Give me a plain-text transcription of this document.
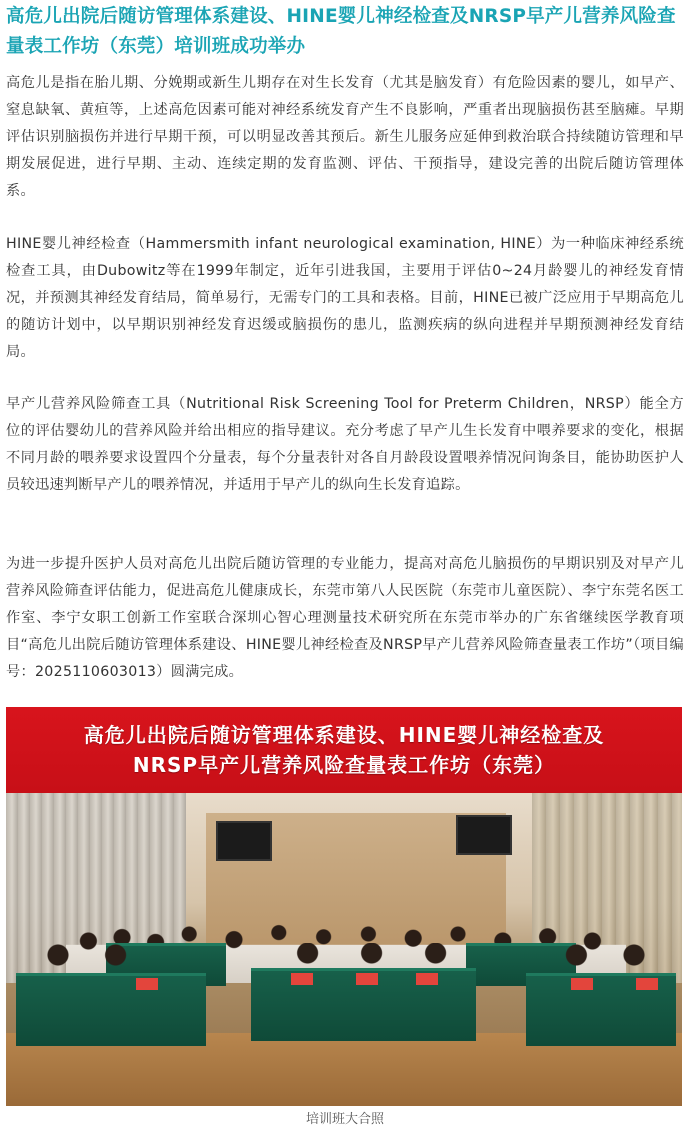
高危儿出院后随访管理体系建设、HINE婴儿神经检查及NRSP早产儿营养风险查量表工作坊（东莞）培训班成功举办

高危儿是指在胎儿期、分娩期或新生儿期存在对生长发育（尤其是脑发育）有危险因素的婴儿，如早产、窒息缺氧、黄疸等，上述高危因素可能对神经系统发育产生不良影响，严重者出现脑损伤甚至脑瘫。早期评估识别脑损伤并进行早期干预，可以明显改善其预后。新生儿服务应延伸到救治联合持续随访管理和早期发展促进，进行早期、主动、连续定期的发育监测、评估、干预指导，建设完善的出院后随访管理体系。

HINE婴儿神经检查（Hammersmith infant neurological examination, HINE）为一种临床神经系统检查工具，由Dubowitz等在1999年制定，近年引进我国，主要用于评估0~24月龄婴儿的神经发育情况，并预测其神经发育结局，简单易行，无需专门的工具和表格。目前，HINE已被广泛应用于早期高危儿的随访计划中，以早期识别神经发育迟缓或脑损伤的患儿，监测疾病的纵向进程并早期预测神经发育结局。

早产儿营养风险筛查工具（Nutritional Risk Screening Tool for Preterm Children，NRSP）能全方位的评估婴幼儿的营养风险并给出相应的指导建议。充分考虑了早产儿生长发育中喂养要求的变化，根据不同月龄的喂养要求设置四个分量表，每个分量表针对各自月龄段设置喂养情况问询条目，能协助医护人员较迅速判断早产儿的喂养情况，并适用于早产儿的纵向生长发育追踪。

为进一步提升医护人员对高危儿出院后随访管理的专业能力，提高对高危儿脑损伤的早期识别及对早产儿营养风险筛查评估能力，促进高危儿健康成长，东莞市第八人民医院（东莞市儿童医院）、李宁东莞名医工作室、李宁女职工创新工作室联合深圳心智心理测量技术研究所在东莞市举办的广东省继续医学教育项目“高危儿出院后随访管理体系建设、HINE婴儿神经检查及NRSP早产儿营养风险筛查量表工作坊”（项目编号：2025110603013）圆满完成。

高危儿出院后随访管理体系建设、HINE婴儿神经检查及
NRSP早产儿营养风险查量表工作坊（东莞）

培训班大合照
